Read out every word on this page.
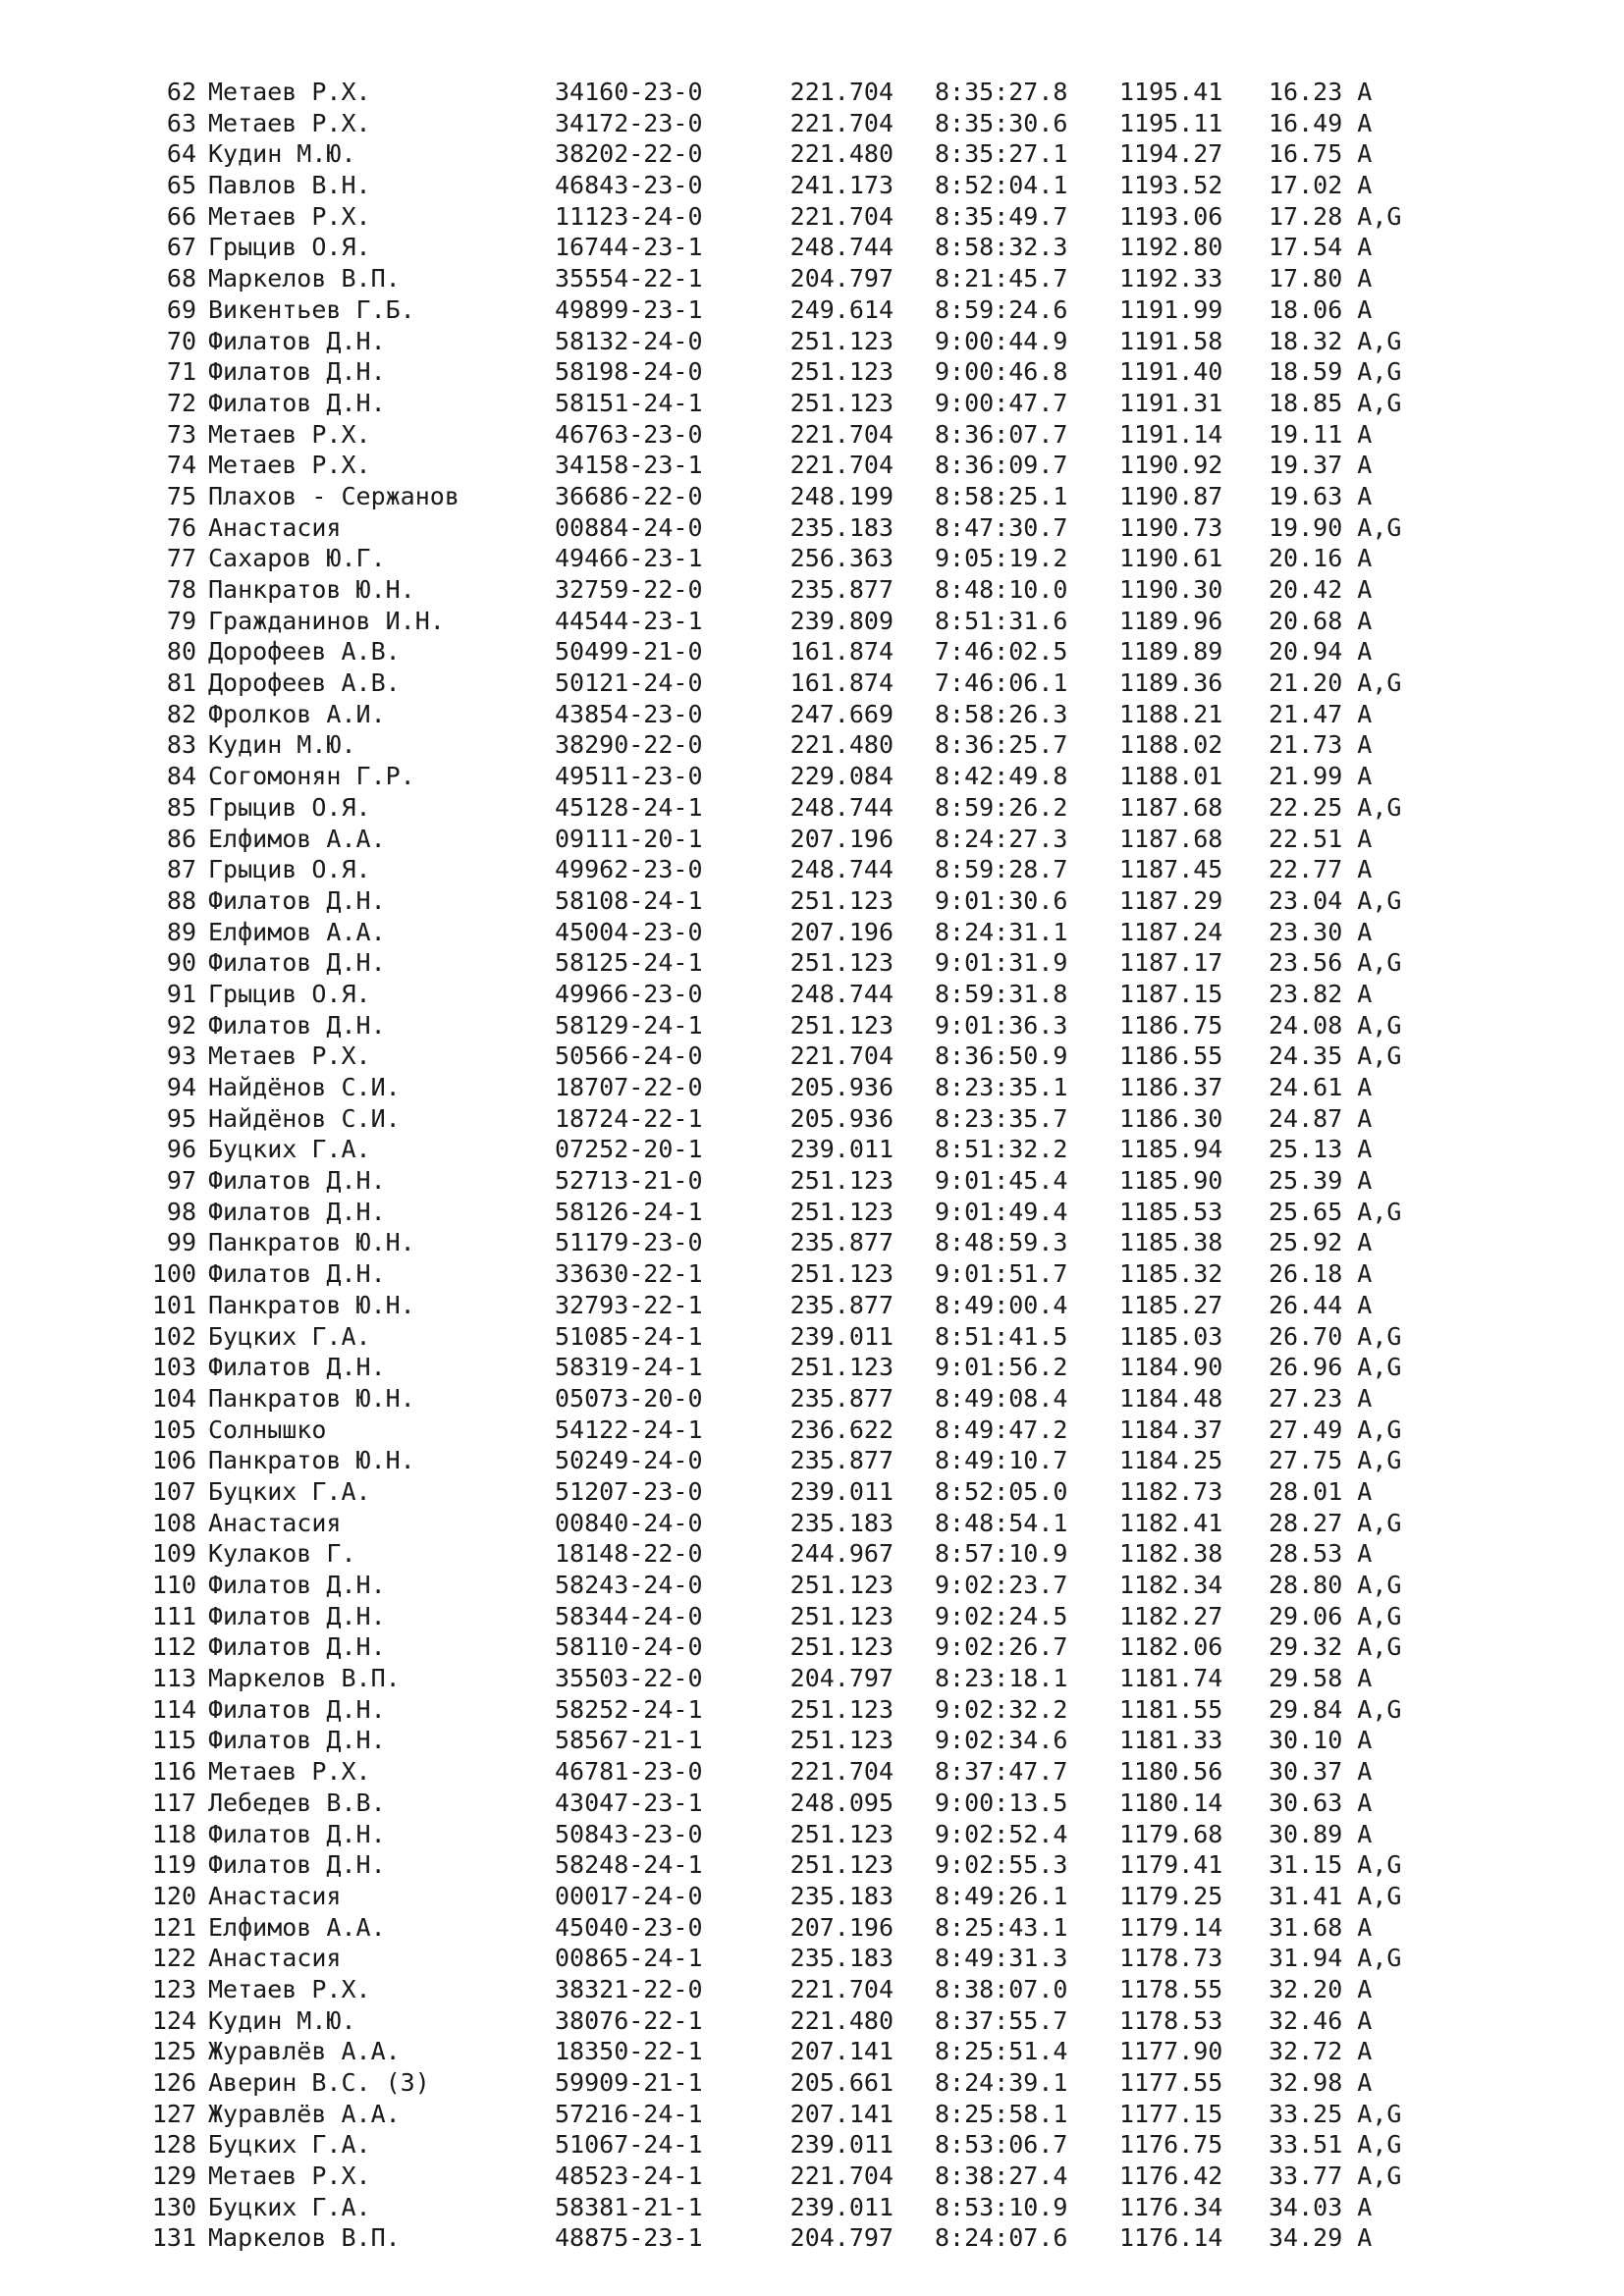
62 Метаев Р.Х.	34160-23-0	221.704 8:35:27.8 1195.41 16.23 A
63 Метаев Р.Х.	34172-23-0	221.704 8:35:30.6 1195.11 16.49 A
64 Кудин М.Ю.	38202-22-0	221.480 8:35:27.1 1194.27 16.75 A
65 Павлов В.Н.	46843-23-0	241.173 8:52:04.1 1193.52 17.02 A
66 Метаев Р.Х.	11123-24-0	221.704 8:35:49.7 1193.06 17.28 A,G
67 Грыцив О.Я.	16744-23-1	248.744 8:58:32.3 1192.80 17.54 A
68 Маркелов В.П.	35554-22-1	204.797 8:21:45.7 1192.33 17.80 A
69 Викентьев Г.Б.	49899-23-1	249.614 8:59:24.6 1191.99 18.06 A
70 Филатов Д.Н.	58132-24-0	251.123 9:00:44.9 1191.58 18.32 A,G
71 Филатов Д.Н.	58198-24-0	251.123 9:00:46.8 1191.40 18.59 A,G
72 Филатов Д.Н.	58151-24-1	251.123 9:00:47.7 1191.31 18.85 A,G
73 Метаев Р.Х.	46763-23-0	221.704 8:36:07.7 1191.14 19.11 A
74 Метаев Р.Х.	34158-23-1	221.704 8:36:09.7 1190.92 19.37 A
75 Плахов - Сержанов	36686-22-0	248.199 8:58:25.1 1190.87 19.63 A
76 Анастасия	00884-24-0	235.183 8:47:30.7 1190.73 19.90 A,G
77 Сахаров Ю.Г.	49466-23-1	256.363 9:05:19.2 1190.61 20.16 A
78 Панкратов Ю.Н.	32759-22-0	235.877 8:48:10.0 1190.30 20.42 A
79 Гражданинов И.Н.	44544-23-1	239.809 8:51:31.6 1189.96 20.68 A
80 Дорофеев А.В.	50499-21-0	161.874 7:46:02.5 1189.89 20.94 A
81 Дорофеев А.В.	50121-24-0	161.874 7:46:06.1 1189.36 21.20 A,G
82 Фролков А.И.	43854-23-0	247.669 8:58:26.3 1188.21 21.47 A
83 Кудин М.Ю.	38290-22-0	221.480 8:36:25.7 1188.02 21.73 A
84 Согомонян Г.Р.	49511-23-0	229.084 8:42:49.8 1188.01 21.99 A
85 Грыцив О.Я.	45128-24-1	248.744 8:59:26.2 1187.68 22.25 A,G
86 Елфимов А.А.	09111-20-1	207.196 8:24:27.3 1187.68 22.51 A
87 Грыцив О.Я.	49962-23-0	248.744 8:59:28.7 1187.45 22.77 A
88 Филатов Д.Н.	58108-24-1	251.123 9:01:30.6 1187.29 23.04 A,G
89 Елфимов А.А.	45004-23-0	207.196 8:24:31.1 1187.24 23.30 A
90 Филатов Д.Н.	58125-24-1	251.123 9:01:31.9 1187.17 23.56 A,G
91 Грыцив О.Я.	49966-23-0	248.744 8:59:31.8 1187.15 23.82 A
92 Филатов Д.Н.	58129-24-1	251.123 9:01:36.3 1186.75 24.08 A,G
93 Метаев Р.Х.	50566-24-0	221.704 8:36:50.9 1186.55 24.35 A,G
94 Найдёнов С.И.	18707-22-0	205.936 8:23:35.1 1186.37 24.61 A
95 Найдёнов С.И.	18724-22-1	205.936 8:23:35.7 1186.30 24.87 A
96 Буцких Г.А.	07252-20-1	239.011 8:51:32.2 1185.94 25.13 A
97 Филатов Д.Н.	52713-21-0	251.123 9:01:45.4 1185.90 25.39 A
98 Филатов Д.Н.	58126-24-1	251.123 9:01:49.4 1185.53 25.65 A,G
99 Панкратов Ю.Н.	51179-23-0	235.877 8:48:59.3 1185.38 25.92 A
100 Филатов Д.Н.	33630-22-1	251.123 9:01:51.7 1185.32 26.18 A
101 Панкратов Ю.Н.	32793-22-1	235.877 8:49:00.4 1185.27 26.44 A
102 Буцких Г.А.	51085-24-1	239.011 8:51:41.5 1185.03 26.70 A,G
103 Филатов Д.Н.	58319-24-1	251.123 9:01:56.2 1184.90 26.96 A,G
104 Панкратов Ю.Н.	05073-20-0	235.877 8:49:08.4 1184.48 27.23 A
105 Солнышко	54122-24-1	236.622 8:49:47.2 1184.37 27.49 A,G
106 Панкратов Ю.Н.	50249-24-0	235.877 8:49:10.7 1184.25 27.75 A,G
107 Буцких Г.А.	51207-23-0	239.011 8:52:05.0 1182.73 28.01 A
108 Анастасия	00840-24-0	235.183 8:48:54.1 1182.41 28.27 A,G
109 Кулаков Г.	18148-22-0	244.967 8:57:10.9 1182.38 28.53 A
110 Филатов Д.Н.	58243-24-0	251.123 9:02:23.7 1182.34 28.80 A,G
111 Филатов Д.Н.	58344-24-0	251.123 9:02:24.5 1182.27 29.06 A,G
112 Филатов Д.Н.	58110-24-0	251.123 9:02:26.7 1182.06 29.32 A,G
113 Маркелов В.П.	35503-22-0	204.797 8:23:18.1 1181.74 29.58 A
114 Филатов Д.Н.	58252-24-1	251.123 9:02:32.2 1181.55 29.84 A,G
115 Филатов Д.Н.	58567-21-1	251.123 9:02:34.6 1181.33 30.10 A
116 Метаев Р.Х.	46781-23-0	221.704 8:37:47.7 1180.56 30.37 A
117 Лебедев В.В.	43047-23-1	248.095 9:00:13.5 1180.14 30.63 A
118 Филатов Д.Н.	50843-23-0	251.123 9:02:52.4 1179.68 30.89 A
119 Филатов Д.Н.	58248-24-1	251.123 9:02:55.3 1179.41 31.15 A,G
120 Анастасия	00017-24-0	235.183 8:49:26.1 1179.25 31.41 A,G
121 Елфимов А.А.	45040-23-0	207.196 8:25:43.1 1179.14 31.68 A
122 Анастасия	00865-24-1	235.183 8:49:31.3 1178.73 31.94 A,G
123 Метаев Р.Х.	38321-22-0	221.704 8:38:07.0 1178.55 32.20 A
124 Кудин М.Ю.	38076-22-1	221.480 8:37:55.7 1178.53 32.46 A
125 Журавлёв А.А.	18350-22-1	207.141 8:25:51.4 1177.90 32.72 A
126 Аверин В.С. (З)	59909-21-1	205.661 8:24:39.1 1177.55 32.98 A
127 Журавлёв А.А.	57216-24-1	207.141 8:25:58.1 1177.15 33.25 A,G
128 Буцких Г.А.	51067-24-1	239.011 8:53:06.7 1176.75 33.51 A,G
129 Метаев Р.Х.	48523-24-1	221.704 8:38:27.4 1176.42 33.77 A,G
130 Буцких Г.А.	58381-21-1	239.011 8:53:10.9 1176.34 34.03 A
131 Маркелов В.П.	48875-23-1	204.797 8:24:07.6 1176.14 34.29 A
